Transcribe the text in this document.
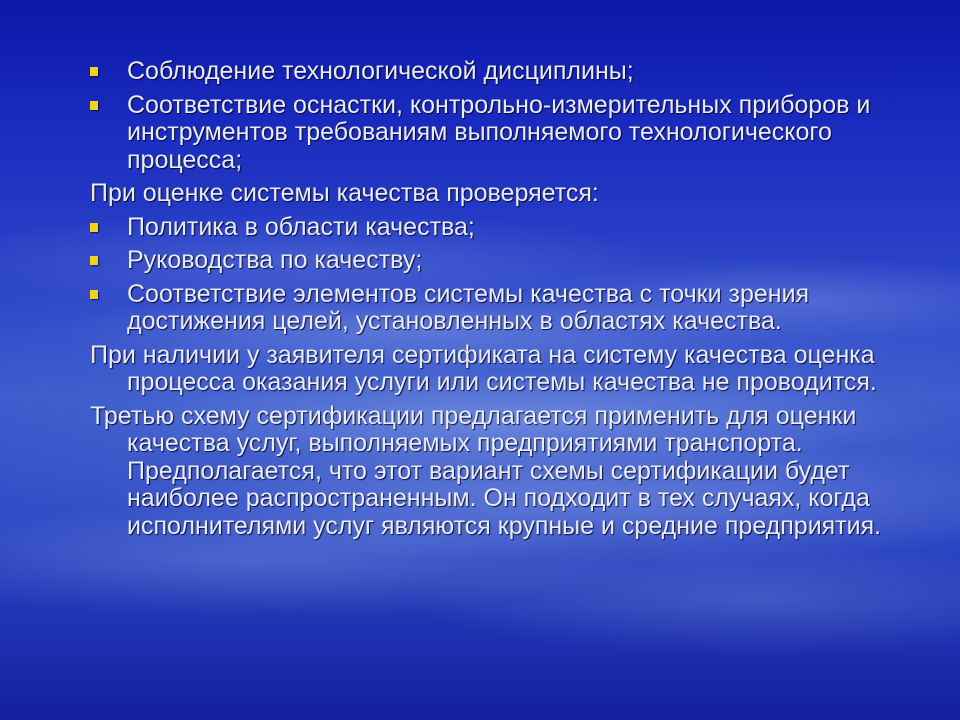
Соблюдение технологической дисциплины;
Соответствие оснастки, контрольно-измерительных приборов и инструментов требованиям выполняемого технологического процесса;
При оценке системы качества проверяется:
Политика в области качества;
Руководства по качеству;
Соответствие элементов системы качества с точки зрения достижения целей, установленных в областях качества.
При наличии у заявителя сертификата на систему качества оценка процесса оказания услуги или системы качества не проводится.
Третью схему сертификации предлагается применить для оценки качества услуг, выполняемых предприятиями транспорта. Предполагается, что этот вариант схемы сертификации будет наиболее распространенным. Он подходит в тех случаях, когда исполнителями услуг являются крупные и средние предприятия.
